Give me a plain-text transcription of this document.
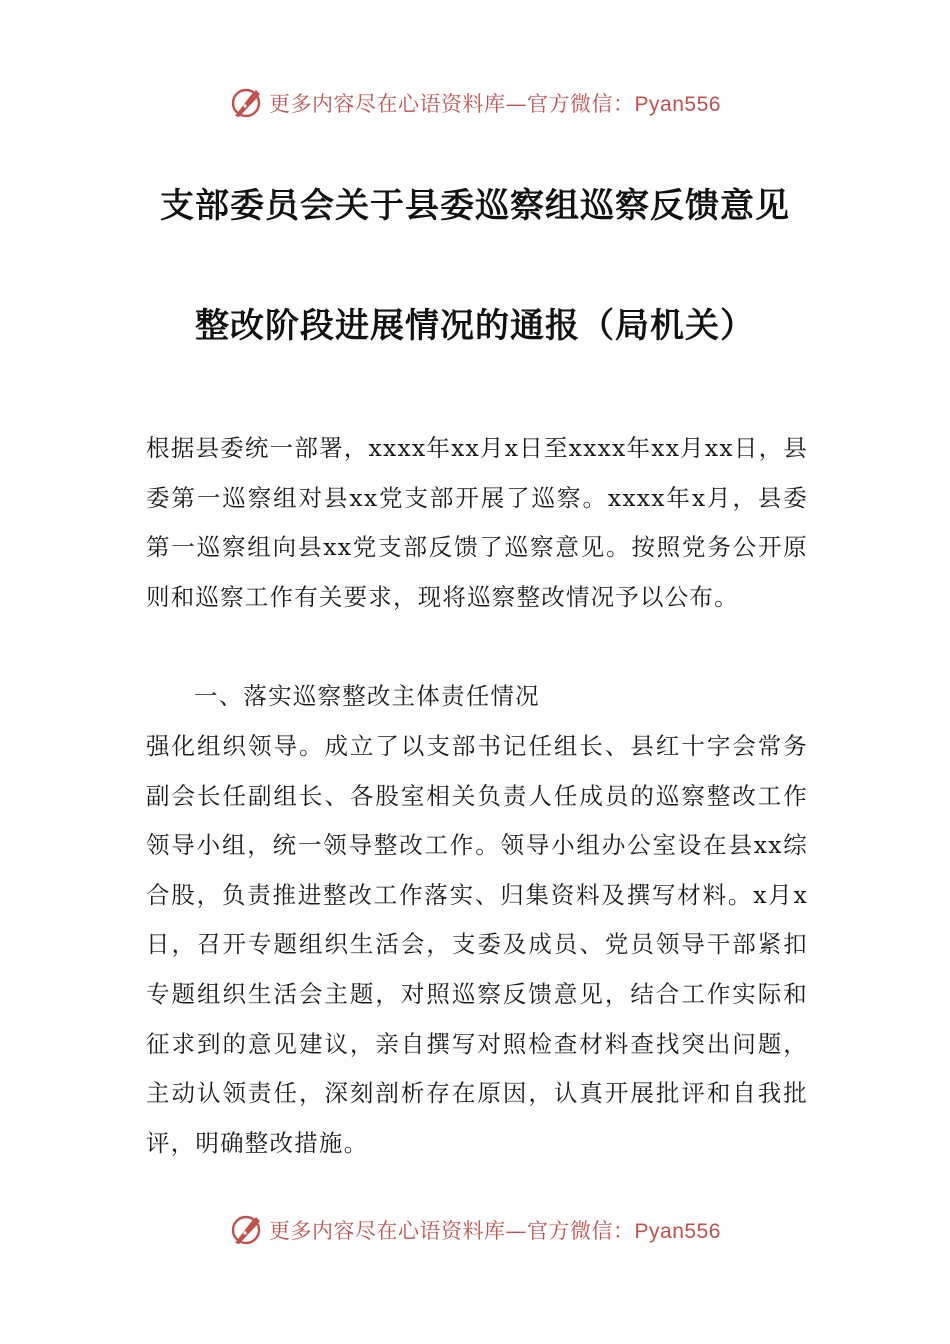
更多内容尽在心语资料库—官方微信：Pyan556
支部委员会关于县委巡察组巡察反馈意见
整改阶段进展情况的通报（局机关）
根据县委统一部署，xxxx年xx月x日至xxxx年xx月xx日，县委第一巡察组对县xx党支部开展了巡察。xxxx年x月，县委第一巡察组向县xx党支部反馈了巡察意见。按照党务公开原则和巡察工作有关要求，现将巡察整改情况予以公布。
一、落实巡察整改主体责任情况
强化组织领导。成立了以支部书记任组长、县红十字会常务副会长任副组长、各股室相关负责人任成员的巡察整改工作领导小组，统一领导整改工作。领导小组办公室设在县xx综合股，负责推进整改工作落实、归集资料及撰写材料。x月x日，召开专题组织生活会，支委及成员、党员领导干部紧扣专题组织生活会主题，对照巡察反馈意见，结合工作实际和征求到的意见建议，亲自撰写对照检查材料查找突出问题，主动认领责任，深刻剖析存在原因，认真开展批评和自我批评，明确整改措施。
更多内容尽在心语资料库—官方微信：Pyan556
